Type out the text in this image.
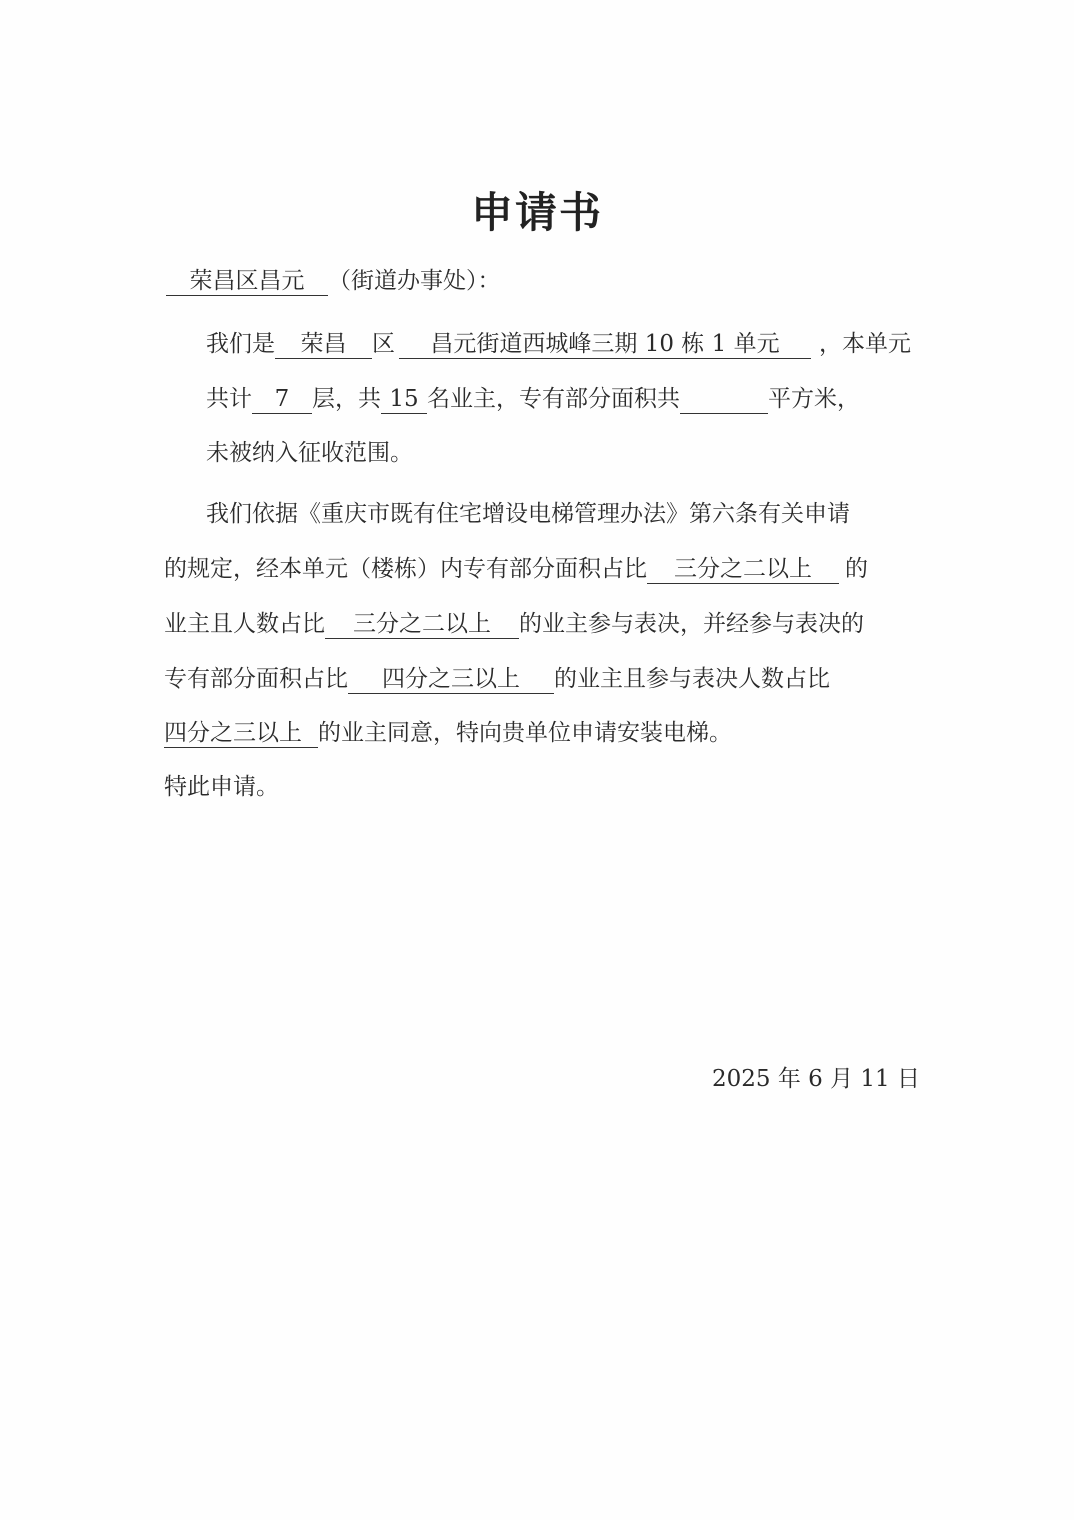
申请书
荣昌区昌元 （街道办事处）：
我们是 荣昌 区 昌元街道西城峰三期 10 栋 1 单元 ，本单元
共计 7 层，共 15 名业主，专有部分面积共	平方米，
未被纳入征收范围。
我们依据《重庆市既有住宅增设电梯管理办法》第六条有关申请
的规定，经本单元（楼栋）内专有部分面积占比 三分之二以上 的
业主且人数占比 三分之二以上 的业主参与表决，并经参与表决的
专有部分面积占比 四分之三以上 的业主且参与表决人数占比
四分之三以上 的业主同意，特向贵单位申请安装电梯。
特此申请。
2025 年 6 月 11 日
